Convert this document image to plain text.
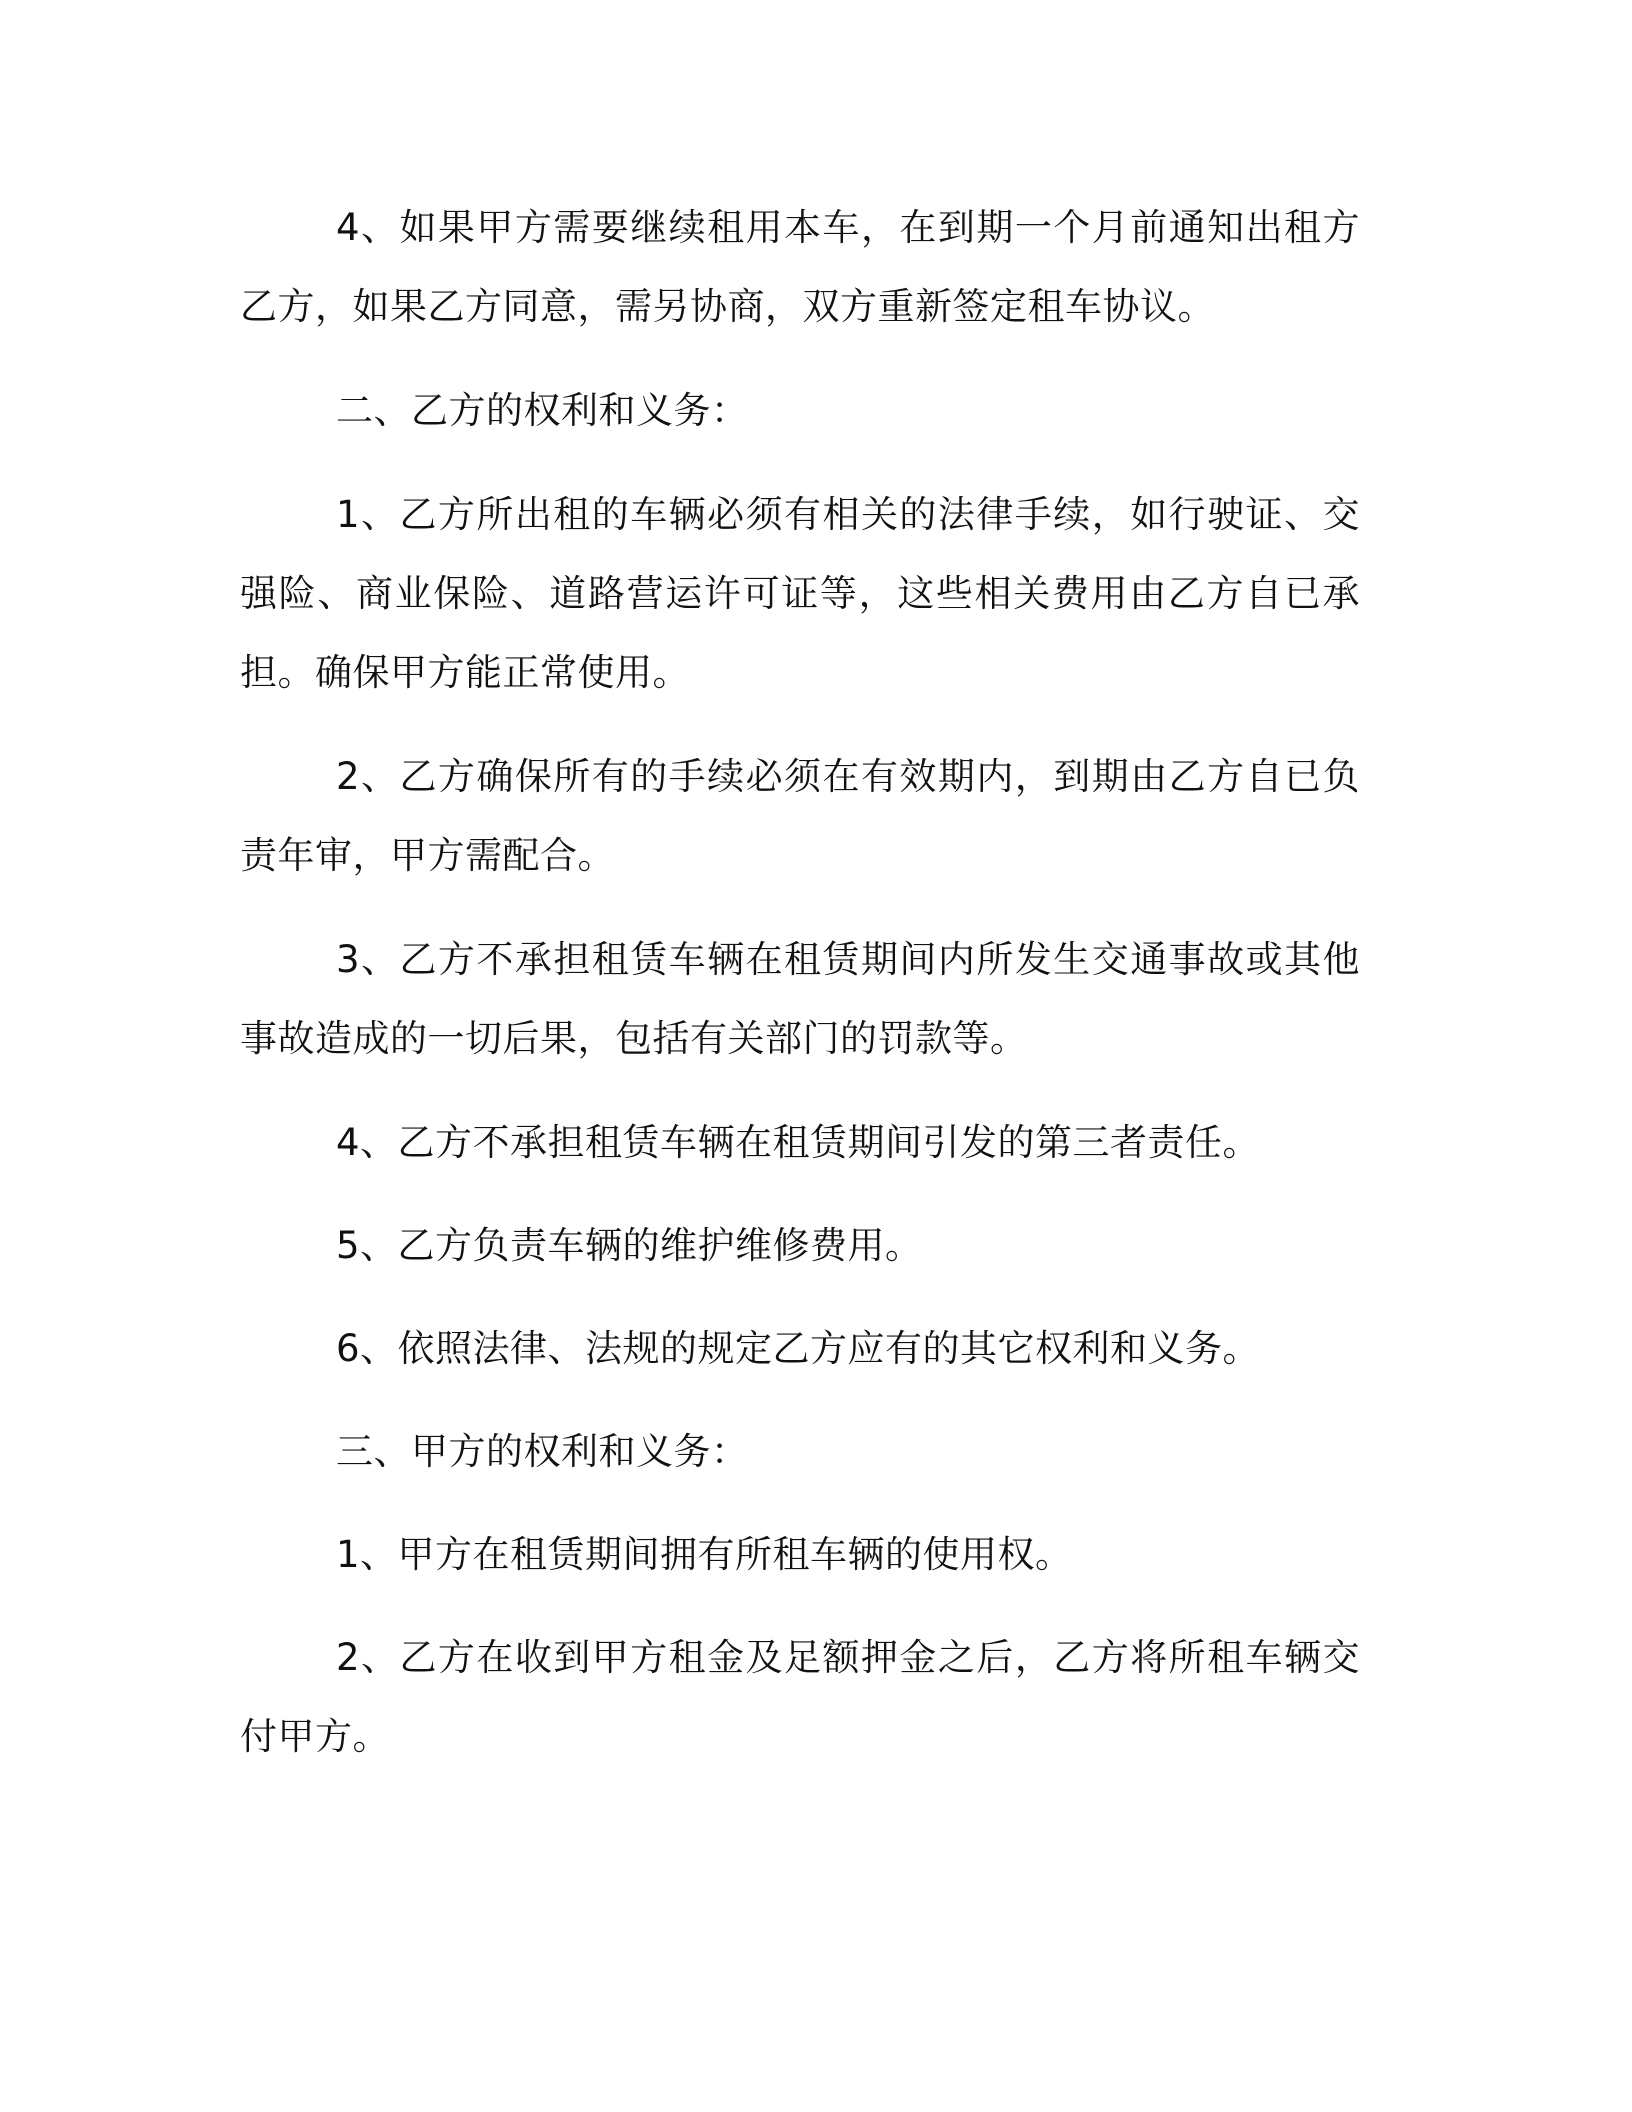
4、如果甲方需要继续租用本车，在到期一个月前通知出租方乙方，如果乙方同意，需另协商，双方重新签定租车协议。

二、乙方的权利和义务：

1、乙方所出租的车辆必须有相关的法律手续，如行驶证、交强险、商业保险、道路营运许可证等，这些相关费用由乙方自已承担。确保甲方能正常使用。

2、乙方确保所有的手续必须在有效期内，到期由乙方自已负责年审，甲方需配合。

3、乙方不承担租赁车辆在租赁期间内所发生交通事故或其他事故造成的一切后果，包括有关部门的罚款等。

4、乙方不承担租赁车辆在租赁期间引发的第三者责任。

5、乙方负责车辆的维护维修费用。

6、依照法律、法规的规定乙方应有的其它权利和义务。

三、甲方的权利和义务：

1、甲方在租赁期间拥有所租车辆的使用权。

2、乙方在收到甲方租金及足额押金之后，乙方将所租车辆交付甲方。
